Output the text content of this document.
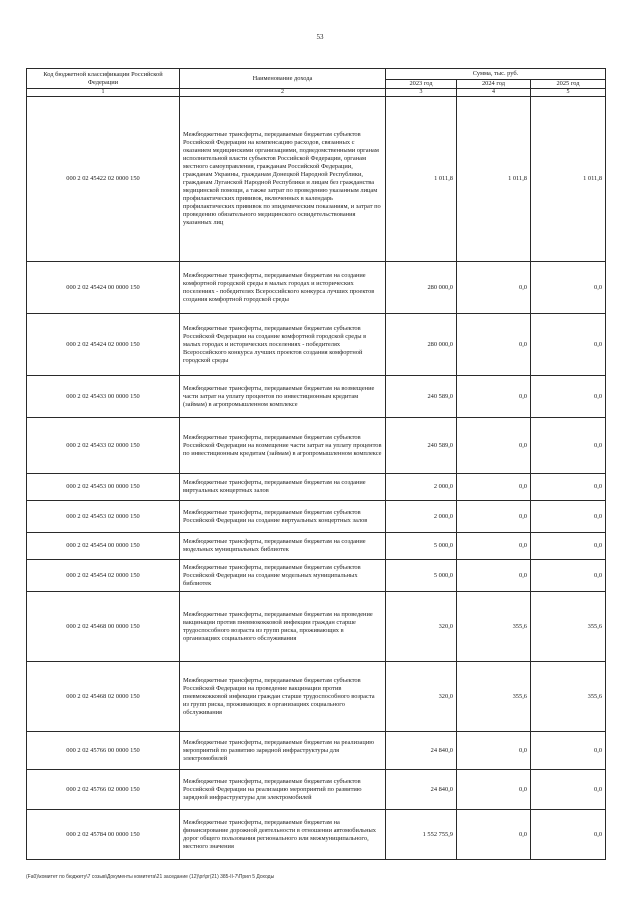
53
Код бюджетной классификации Российской Федерации	Наименование дохода	Сумма, тыс. руб.		
		2023 год	2024 год	2025 год
1	2	3	4	5
000 2 02 45422 02 0000 150	Межбюджетные трансферты, передаваемые бюджетам субъектов Российской Федерации на компенсацию расходов, связанных с оказанием медицинскими организациями, подведомственными органам исполнительной власти субъектов Российской Федерации, органам местного самоуправления, гражданам Российской Федерации, гражданам Украины, гражданам Донецкой Народной Республики, гражданам Луганской Народной Республики и лицам без гражданства медицинской помощи, а также затрат по проведению указанным лицам профилактических прививок, включенных в календарь профилактических прививок по эпидемическим показаниям, и затрат по проведению обязательного медицинского освидетельствования указанных лиц	1 011,8	1 011,8	1 011,8
000 2 02 45424 00 0000 150	Межбюджетные трансферты, передаваемые бюджетам на создание комфортной городской среды в малых городах и исторических поселениях - победителях Всероссийского конкурса лучших проектов создания комфортной городской среды	280 000,0	0,0	0,0
000 2 02 45424 02 0000 150	Межбюджетные трансферты, передаваемые бюджетам субъектов Российской Федерации на создание комфортной городской среды в малых городах и исторических поселениях - победителях Всероссийского конкурса лучших проектов создания комфортной городской среды	280 000,0	0,0	0,0
000 2 02 45433 00 0000 150	Межбюджетные трансферты, передаваемые бюджетам на возмещение части затрат на уплату процентов по инвестиционным кредитам (займам) в агропромышленном комплексе	240 589,0	0,0	0,0
000 2 02 45433 02 0000 150	Межбюджетные трансферты, передаваемые бюджетам субъектов Российской Федерации на возмещение части затрат на уплату процентов по инвестиционным кредитам (займам) в агропромышленном комплексе	240 589,0	0,0	0,0
000 2 02 45453 00 0000 150	Межбюджетные трансферты, передаваемые бюджетам на создание виртуальных концертных залов	2 000,0	0,0	0,0
000 2 02 45453 02 0000 150	Межбюджетные трансферты, передаваемые бюджетам субъектов Российской Федерации на создание виртуальных концертных залов	2 000,0	0,0	0,0
000 2 02 45454 00 0000 150	Межбюджетные трансферты, передаваемые бюджетам на создание модельных муниципальных библиотек	5 000,0	0,0	0,0
000 2 02 45454 02 0000 150	Межбюджетные трансферты, передаваемые бюджетам субъектов Российской Федерации на создание модельных муниципальных библиотек	5 000,0	0,0	0,0
000 2 02 45468 00 0000 150	Межбюджетные трансферты, передаваемые бюджетам на проведение вакцинации против пневмококковой инфекции граждан старше трудоспособного возраста из групп риска, проживающих в организациях социального обслуживания	320,0	355,6	355,6
000 2 02 45468 02 0000 150	Межбюджетные трансферты, передаваемые бюджетам субъектов Российской Федерации на проведение вакцинации против пневмококковой инфекции граждан старше трудоспособного возраста из групп риска, проживающих в организациях социального обслуживания	320,0	355,6	355,6
000 2 02 45766 00 0000 150	Межбюджетные трансферты, передаваемые бюджетам на реализацию мероприятий по развитию зарядной инфраструктуры для электромобилей	24 840,0	0,0	0,0
000 2 02 45766 02 0000 150	Межбюджетные трансферты, передаваемые бюджетам субъектов Российской Федерации на реализацию мероприятий по развитию зарядной инфраструктуры для электромобилей	24 840,0	0,0	0,0
000 2 02 45784 00 0000 150	Межбюджетные трансферты, передаваемые бюджетам на финансирование дорожной деятельности в отношении автомобильных дорог общего пользования регионального или межмуниципального, местного значения	1 552 755,9	0,0	0,0
(Fa0)\комитет по бюджету\7 созыв\Документы комитета\21 заседание (12)\pr\pr(21) 385-II-7\Прил 5 Доходы
